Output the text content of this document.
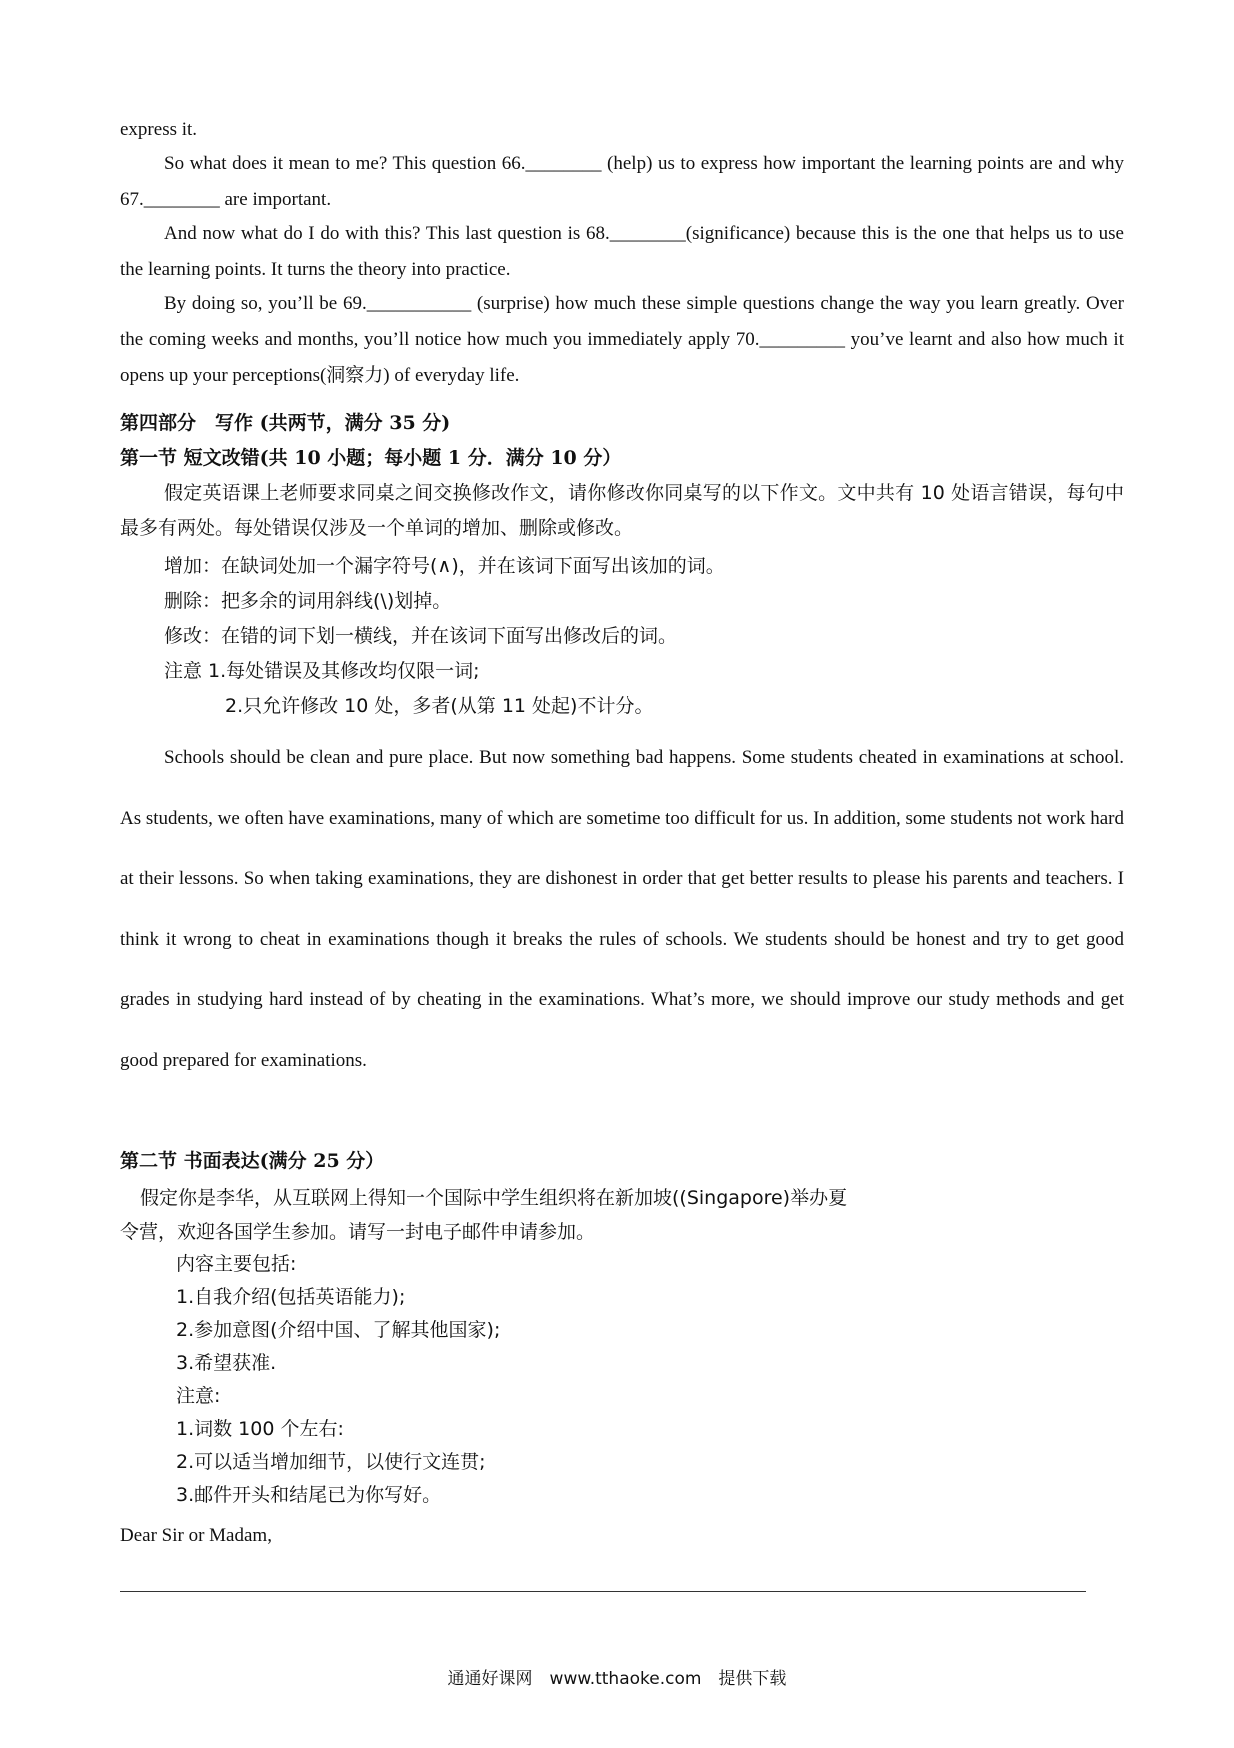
express it.
So what does it mean to me? This question 66.________ (help) us to express how important the learning points are and why 67.________ are important.
And now what do I do with this? This last question is 68.________(significance) because this is the one that helps us to use the learning points. It turns the theory into practice.
By doing so, you’ll be 69.___________ (surprise) how much these simple questions change the way you learn greatly. Over the coming weeks and months, you’ll notice how much you immediately apply 70._________ you’ve learnt and also how much it opens up your perceptions(洞察力) of everyday life.
第四部分　写作 (共两节，满分 35 分)
第一节 短文改错(共 10 小题；每小题 1 分．满分 10 分）
假定英语课上老师要求同桌之间交换修改作文，请你修改你同桌写的以下作文。文中共有 10 处语言错误，每句中最多有两处。每处错误仅涉及一个单词的增加、删除或修改。
增加：在缺词处加一个漏字符号(∧)，并在该词下面写出该加的词。
删除：把多余的词用斜线(\)划掉。
修改：在错的词下划一横线，并在该词下面写出修改后的词。
注意 1.每处错误及其修改均仅限一词;
2.只允许修改 10 处，多者(从第 11 处起)不计分。
Schools should be clean and pure place. But now something bad happens. Some students cheated in examinations at school. As students, we often have examinations, many of which are sometime too difficult for us. In addition, some students not work hard at their lessons. So when taking examinations, they are dishonest in order that get better results to please his parents and teachers. I think it wrong to cheat in examinations though it breaks the rules of schools. We students should be honest and try to get good grades in studying hard instead of by cheating in the examinations. What’s more, we should improve our study methods and get good prepared for examinations.
第二节 书面表达(满分 25 分）
假定你是李华，从互联网上得知一个国际中学生组织将在新加坡((Singapore)举办夏
令营，欢迎各国学生参加。请写一封电子邮件申请参加。
内容主要包括:
1.自我介绍(包括英语能力);
2.参加意图(介绍中国、了解其他国家);
3.希望获准.
注意:
1.词数 100 个左右:
2.可以适当增加细节，以使行文连贯;
3.邮件开头和结尾已为你写好。
Dear Sir or Madam,
通通好课网　www.tthaoke.com　提供下载
